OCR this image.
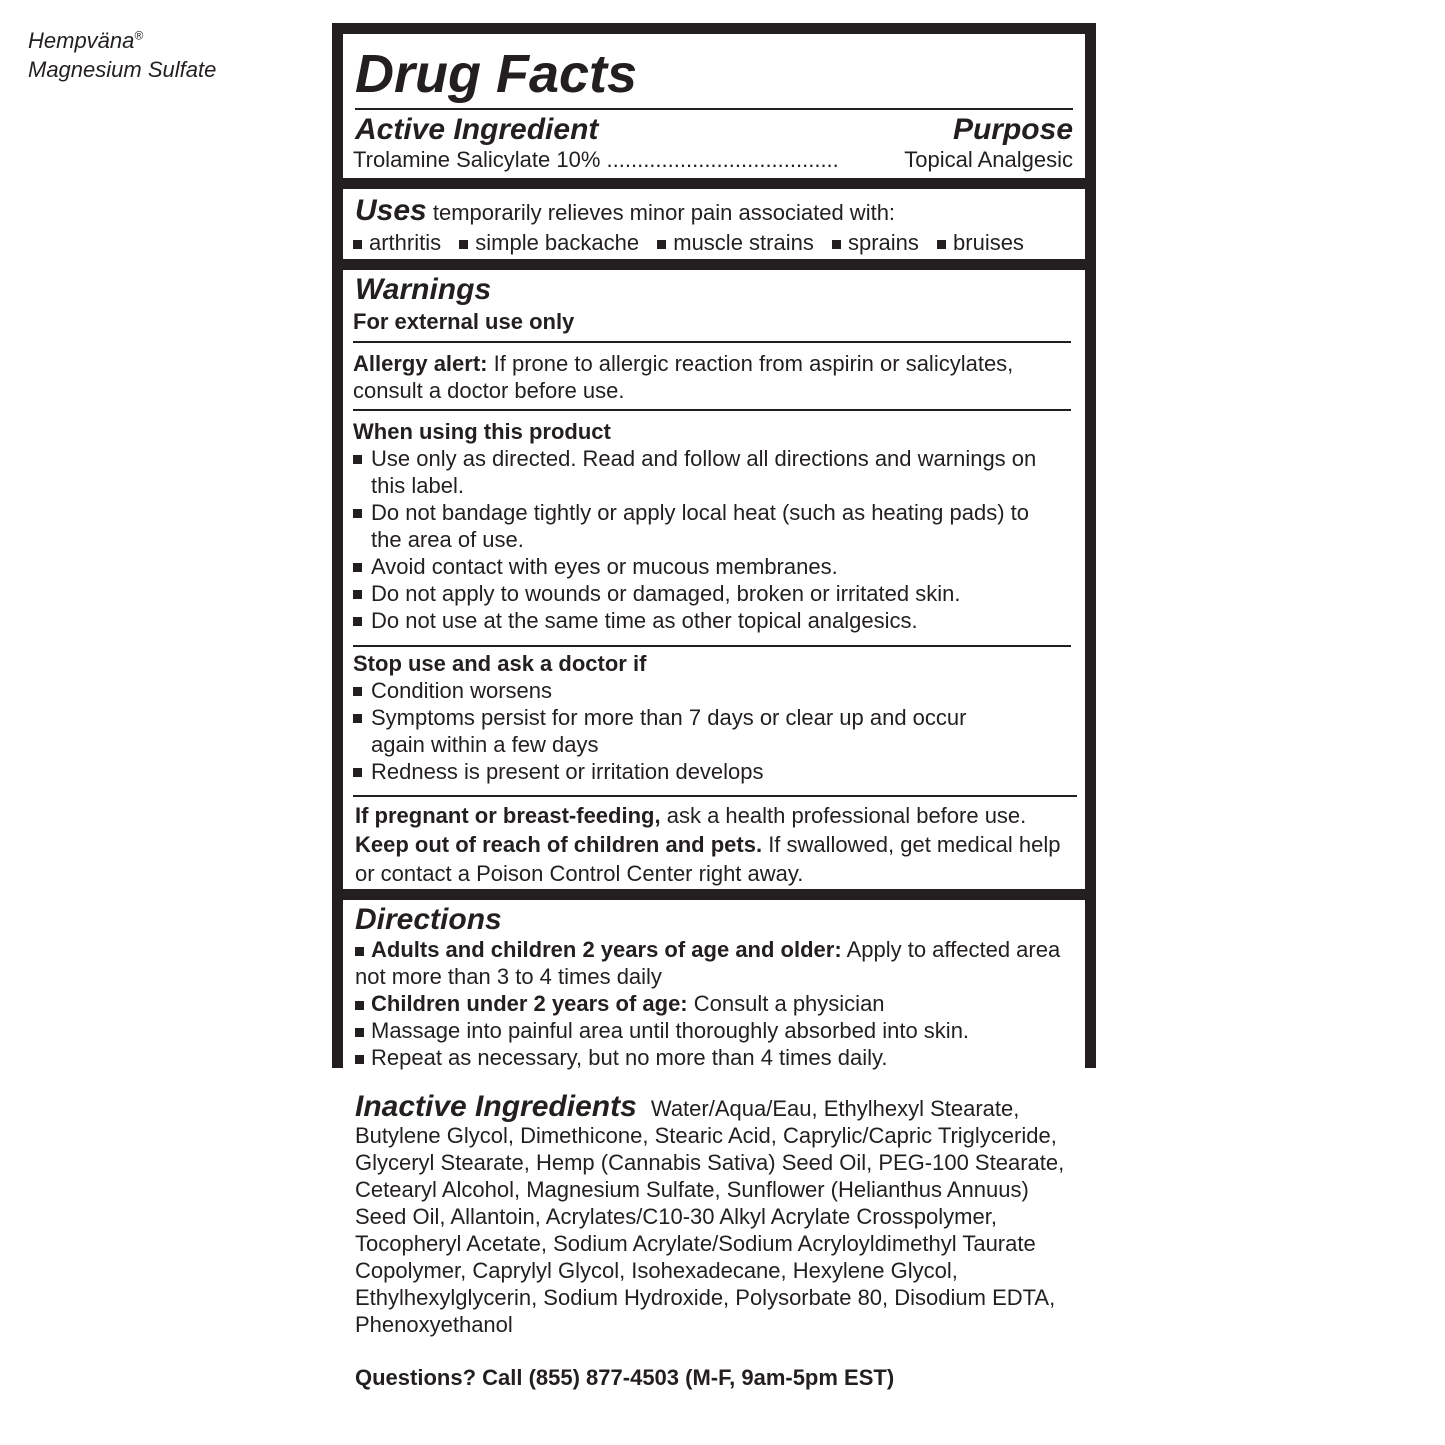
Hempväna®
Magnesium Sulfate	Drug Facts
Active Ingredient	Purpose
Trolamine Salicylate 10% ......................................	Topical Analgesic
Uses temporarily relieves minor pain associated with:
arthritis simple backache muscle strains sprains bruises
Warnings
For external use only
Allergy alert: If prone to allergic reaction from aspirin or salicylates, consult a doctor before use.
When using this product
Use only as directed. Read and follow all directions and warnings on this label.
Do not bandage tightly or apply local heat (such as heating pads) to the area of use.
Avoid contact with eyes or mucous membranes.
Do not apply to wounds or damaged, broken or irritated skin.
Do not use at the same time as other topical analgesics.
Stop use and ask a doctor if
Condition worsens
Symptoms persist for more than 7 days or clear up and occur again within a few days
Redness is present or irritation develops
If pregnant or breast-feeding, ask a health professional before use.
Keep out of reach of children and pets. If swallowed, get medical help or contact a Poison Control Center right away.
Directions
Adults and children 2 years of age and older: Apply to affected area not more than 3 to 4 times daily
Children under 2 years of age: Consult a physician
Massage into painful area until thoroughly absorbed into skin.
Repeat as necessary, but no more than 4 times daily.
Inactive Ingredients Water/Aqua/Eau, Ethylhexyl Stearate, Butylene Glycol, Dimethicone, Stearic Acid, Caprylic/Capric Triglyceride, Glyceryl Stearate, Hemp (Cannabis Sativa) Seed Oil, PEG-100 Stearate, Cetearyl Alcohol, Magnesium Sulfate, Sunflower (Helianthus Annuus) Seed Oil, Allantoin, Acrylates/C10-30 Alkyl Acrylate Crosspolymer, Tocopheryl Acetate, Sodium Acrylate/Sodium Acryloyldimethyl Taurate Copolymer, Caprylyl Glycol, Isohexadecane, Hexylene Glycol, Ethylhexylglycerin, Sodium Hydroxide, Polysorbate 80, Disodium EDTA, Phenoxyethanol
Questions? Call (855) 877-4503 (M-F, 9am-5pm EST)
